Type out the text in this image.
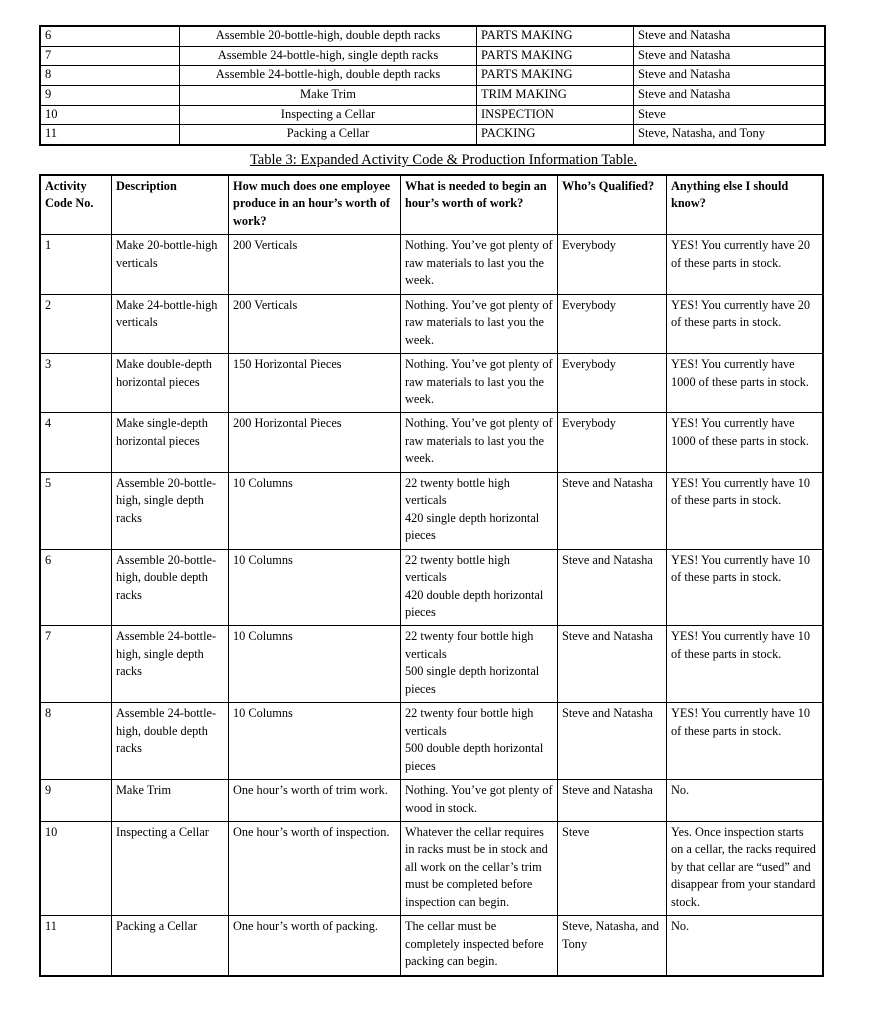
6	Assemble 20-bottle-high, double depth racks	PARTS MAKING	Steve and Natasha
7	Assemble 24-bottle-high, single depth racks	PARTS MAKING	Steve and Natasha
8	Assemble 24-bottle-high, double depth racks	PARTS MAKING	Steve and Natasha
9	Make Trim	TRIM MAKING	Steve and Natasha
10	Inspecting a Cellar	INSPECTION	Steve
11	Packing a Cellar	PACKING	Steve, Natasha, and Tony
Table 3: Expanded Activity Code & Production Information Table.
Activity Code No.	Description	How much does one employee produce in an hour’s worth of work?	What is needed to begin an hour’s worth of work?	Who’s Qualified?	Anything else I should know?

1	Make 20-bottle-high verticals	200 Verticals	Nothing. You’ve got plenty of raw materials to last you the week.	Everybody	YES! You currently have 20 of these parts in stock.

2	Make 24-bottle-high verticals	200 Verticals	Nothing. You’ve got plenty of raw materials to last you the week.	Everybody	YES! You currently have 20 of these parts in stock.

3	Make double-depth horizontal pieces	150 Horizontal Pieces	Nothing. You’ve got plenty of raw materials to last you the week.	Everybody	YES! You currently have 1000 of these parts in stock.

4	Make single-depth horizontal pieces	200 Horizontal Pieces	Nothing. You’ve got plenty of raw materials to last you the week.	Everybody	YES! You currently have 1000 of these parts in stock.

5	Assemble 20-bottle-high, single depth racks	10 Columns	22 twenty bottle high verticals
420 single depth horizontal pieces	Steve and Natasha	YES! You currently have 10 of these parts in stock.

6	Assemble 20-bottle-high, double depth racks	10 Columns	22 twenty bottle high verticals
420 double depth horizontal pieces	Steve and Natasha	YES! You currently have 10 of these parts in stock.

7	Assemble 24-bottle-high, single depth racks	10 Columns	22 twenty four bottle high verticals
500 single depth horizontal pieces	Steve and Natasha	YES! You currently have 10 of these parts in stock.

8	Assemble 24-bottle-high, double depth racks	10 Columns	22 twenty four bottle high verticals
500 double depth horizontal pieces	Steve and Natasha	YES! You currently have 10 of these parts in stock.

9	Make Trim	One hour’s worth of trim work.	Nothing. You’ve got plenty of wood in stock.	Steve and Natasha	No.

10	Inspecting a Cellar	One hour’s worth of inspection.	Whatever the cellar requires in racks must be in stock and all work on the cellar’s trim must be completed before inspection can begin.	Steve	Yes. Once inspection starts on a cellar, the racks required by that cellar are “used” and disappear from your standard stock.

11	Packing a Cellar	One hour’s worth of packing.	The cellar must be completely inspected before packing can begin.	Steve, Natasha, and Tony	No.
